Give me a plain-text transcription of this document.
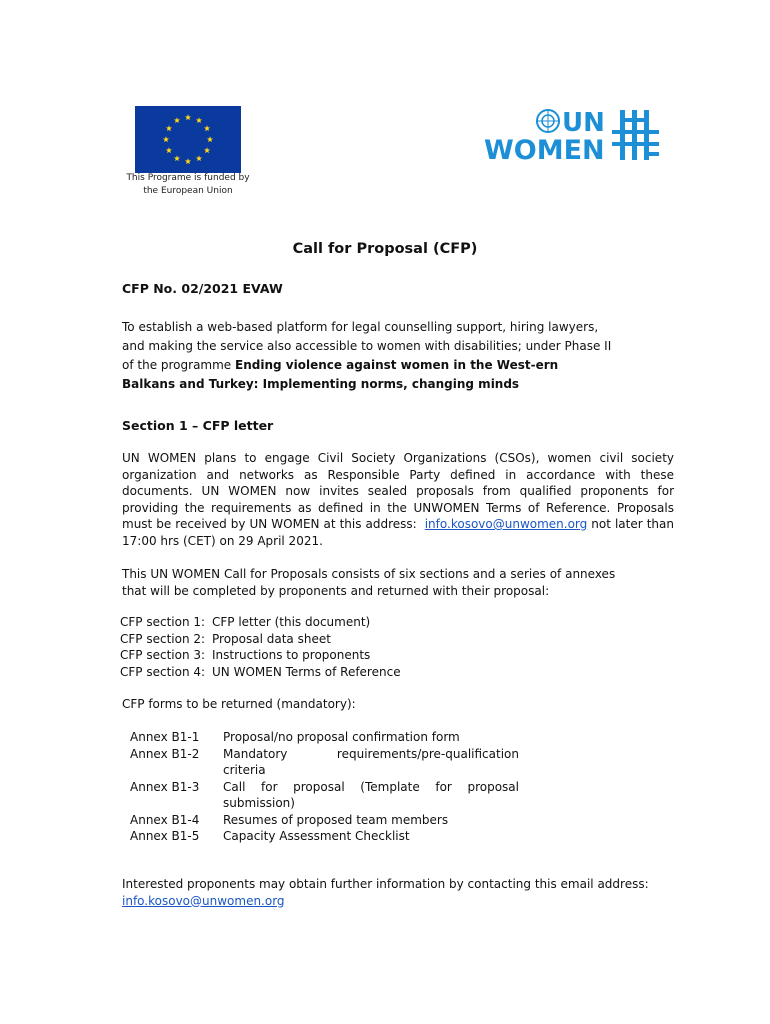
This Programe is funded by
the European Union
UN
WOMEN
Call for Proposal (CFP)
CFP No. 02/2021 EVAW
To establish a web-based platform for legal counselling support, hiring lawyers, and making the service also accessible to women with disabilities; under Phase II of the programme Ending violence against women in the West-ern Balkans and Turkey: Implementing norms, changing minds
Section 1 – CFP letter
UN WOMEN plans to engage Civil Society Organizations (CSOs), women civil society organization and networks as Responsible Party defined in accordance with these documents. UN WOMEN now invites sealed proposals from qualified proponents for providing the requirements as defined in the UNWOMEN Terms of Reference. Proposals must be received by UN WOMEN at this address: info.kosovo@unwomen.org not later than 17:00 hrs (CET) on 29 April 2021.
This UN WOMEN Call for Proposals consists of six sections and a series of annexes that will be completed by proponents and returned with their proposal:
CFP section 1: CFP letter (this document)
CFP section 2: Proposal data sheet
CFP section 3: Instructions to proponents
CFP section 4: UN WOMEN Terms of Reference
CFP forms to be returned (mandatory):
Annex B1-1	Proposal/no proposal confirmation form
Annex B1-2	Mandatory requirements/pre-qualification criteria
Annex B1-3	Call for proposal (Template for proposal
submission)
Annex B1-4	Resumes of proposed team members
Annex B1-5	Capacity Assessment Checklist
Interested proponents may obtain further information by contacting this email address:
info.kosovo@unwomen.org
